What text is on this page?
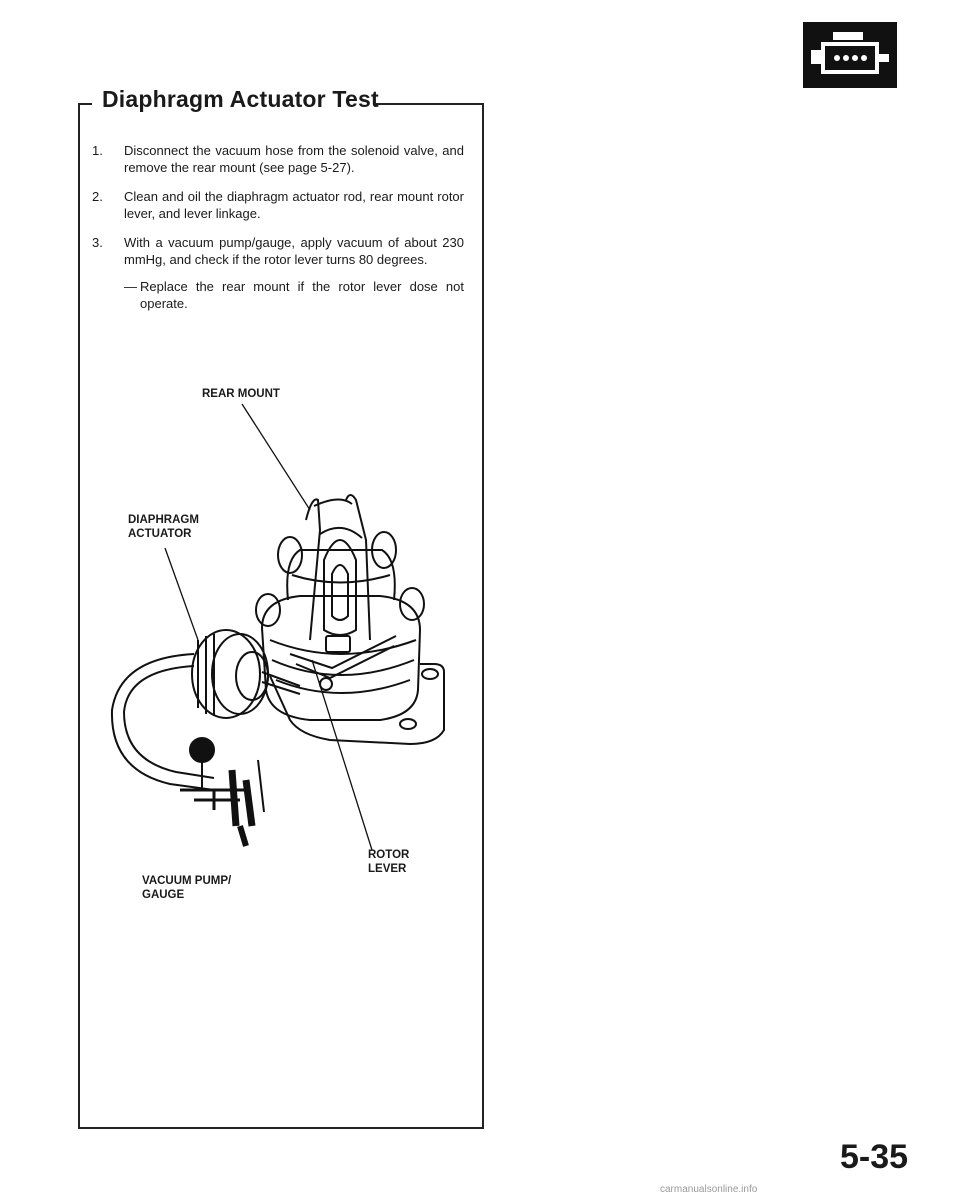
Diaphragm Actuator Test
1.	Disconnect the vacuum hose from the solenoid valve, and remove the rear mount (see page 5-27).
2.	Clean and oil the diaphragm actuator rod, rear mount rotor lever, and lever linkage.
3.	With a vacuum pump/gauge, apply vacuum of about 230 mmHg, and check if the rotor lever turns 80 degrees.
— Replace the rear mount if the rotor lever dose not operate.
REAR MOUNT
DIAPHRAGM
ACTUATOR
VACUUM PUMP/
GAUGE
ROTOR
LEVER
5-35
carmanualsonline.info
